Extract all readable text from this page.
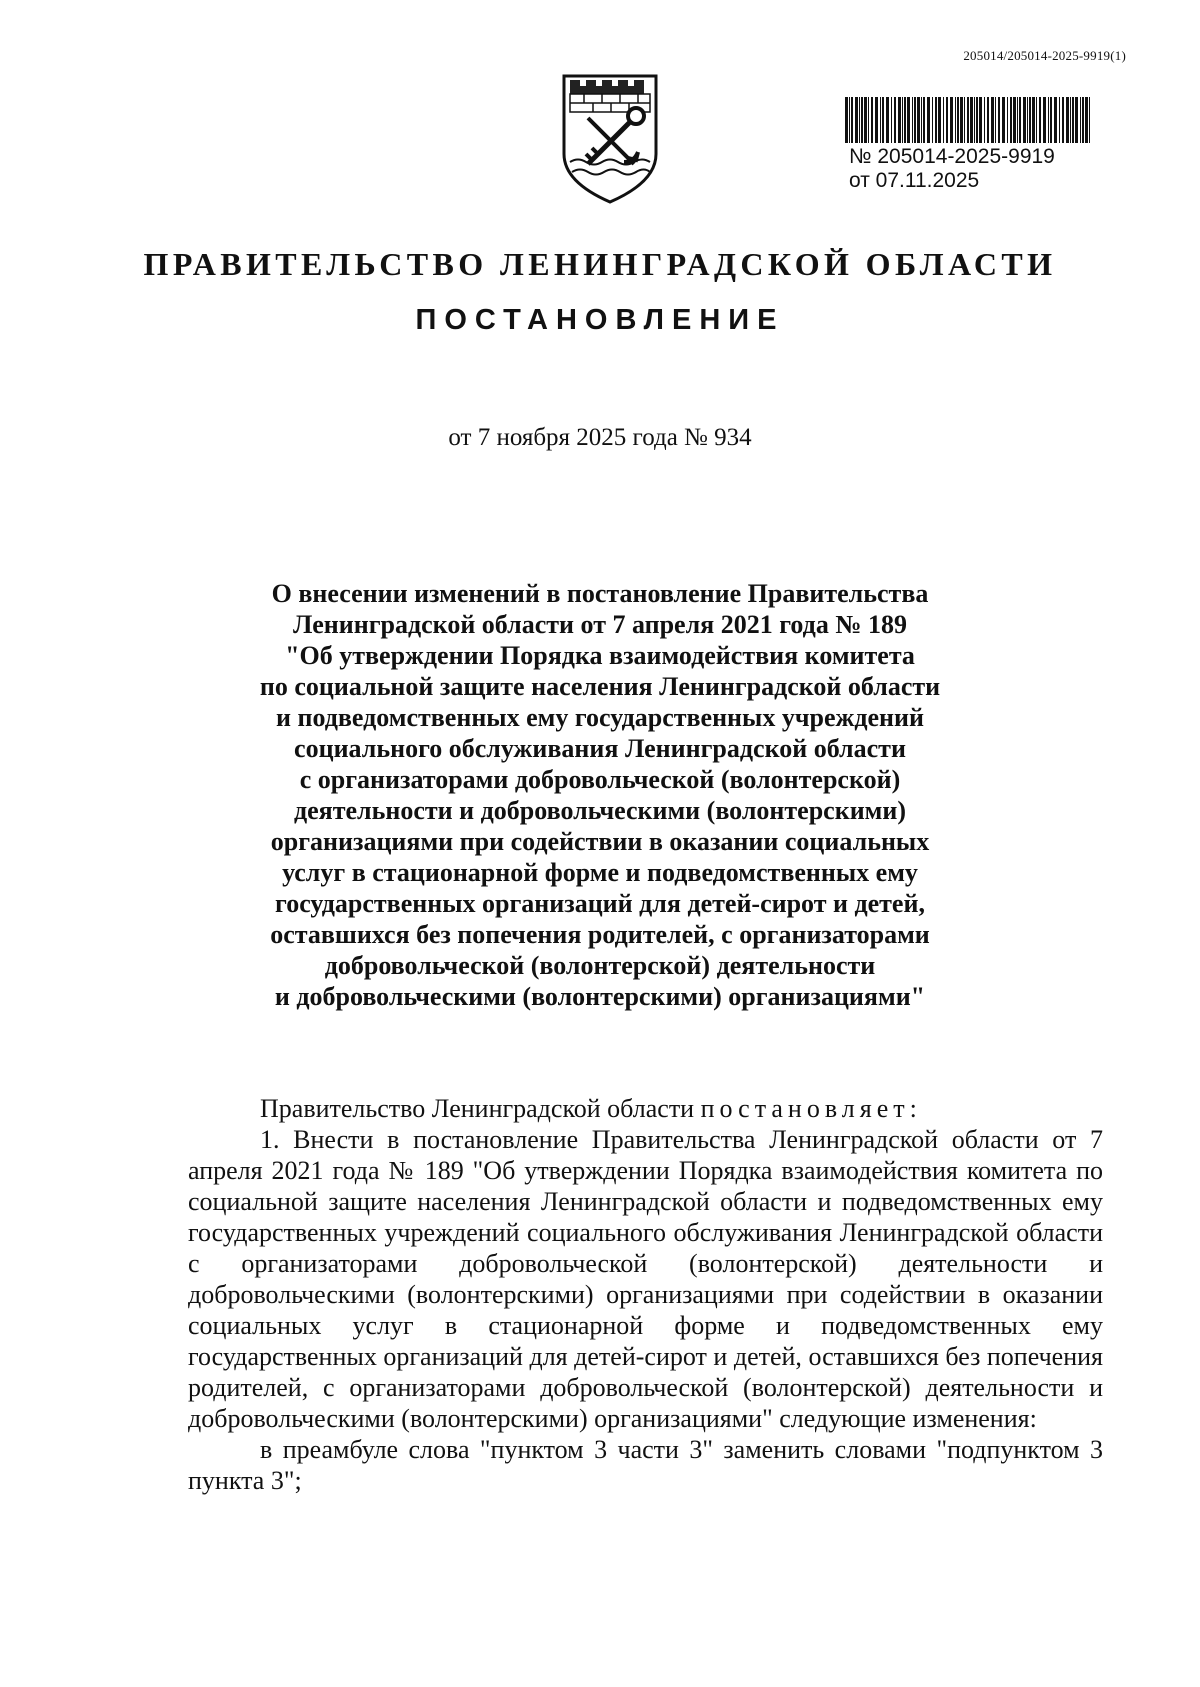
205014/205014-2025-9919(1)
№ 205014-2025-9919
от 07.11.2025
ПРАВИТЕЛЬСТВО ЛЕНИНГРАДСКОЙ ОБЛАСТИ
ПОСТАНОВЛЕНИЕ
от 7 ноября 2025 года № 934
О внесении изменений в постановление Правительства
Ленинградской области от 7 апреля 2021 года № 189
"Об утверждении Порядка взаимодействия комитета
по социальной защите населения Ленинградской области
и подведомственных ему государственных учреждений
социального обслуживания Ленинградской области
с организаторами добровольческой (волонтерской)
деятельности и добровольческими (волонтерскими)
организациями при содействии в оказании социальных
услуг в стационарной форме и подведомственных ему
государственных организаций для детей-сирот и детей,
оставшихся без попечения родителей, с организаторами
добровольческой (волонтерской) деятельности
и добровольческими (волонтерскими) организациями"

Правительство Ленинградской области постановляет:

1. Внести в постановление Правительства Ленинградской области от 7 апреля 2021 года № 189 "Об утверждении Порядка взаимодействия комитета по социальной защите населения Ленинградской области и подведомственных ему государственных учреждений социального обслуживания Ленинградской области с организаторами добровольческой (волонтерской) деятельности и добровольческими (волонтерскими) организациями при содействии в оказании социальных услуг в стационарной форме и подведомственных ему государственных организаций для детей-сирот и детей, оставшихся без попечения родителей, с организаторами добровольческой (волонтерской) деятельности и добровольческими (волонтерскими) организациями" следующие изменения:

в преамбуле слова "пунктом 3 части 3" заменить словами "подпунктом 3 пункта 3";
